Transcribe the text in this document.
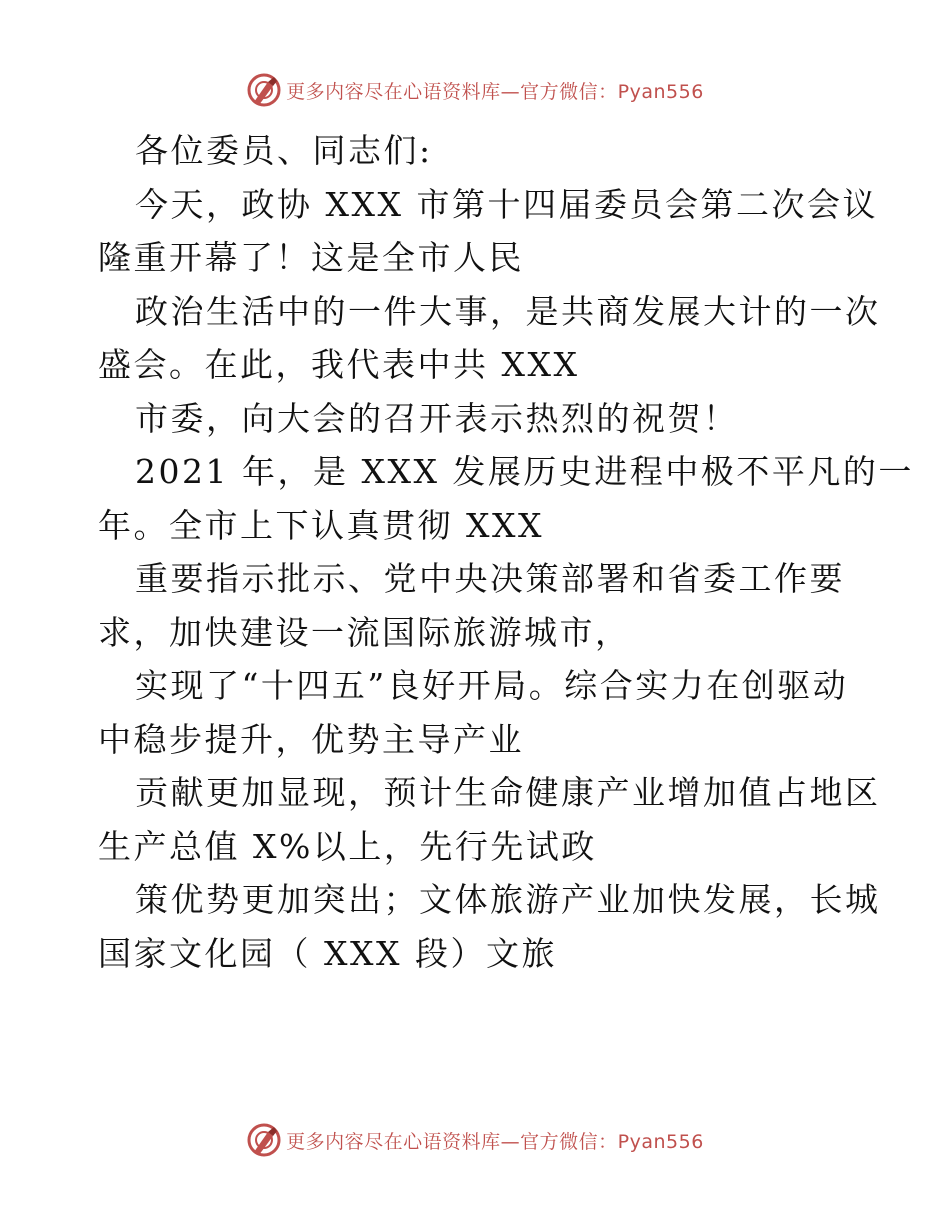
更多内容尽在心语资料库—官方微信：Pyan556
各位委员、同志们:
今天，政协 XXX 市第十四届委员会第二次会议
隆重开幕了！这是全市人民
政治生活中的一件大事，是共商发展大计的一次
盛会。在此，我代表中共 XXX
市委，向大会的召开表示热烈的祝贺！
2021 年，是 XXX 发展历史进程中极不平凡的一
年。全市上下认真贯彻 XXX
重要指示批示、党中央决策部署和省委工作要
求，加快建设一流国际旅游城市，
实现了“十四五”良好开局。综合实力在创驱动
中稳步提升，优势主导产业
贡献更加显现，预计生命健康产业增加值占地区
生产总值 X%以上，先行先试政
策优势更加突出；文体旅游产业加快发展，长城
国家文化园（ XXX 段）文旅
更多内容尽在心语资料库—官方微信：Pyan556
